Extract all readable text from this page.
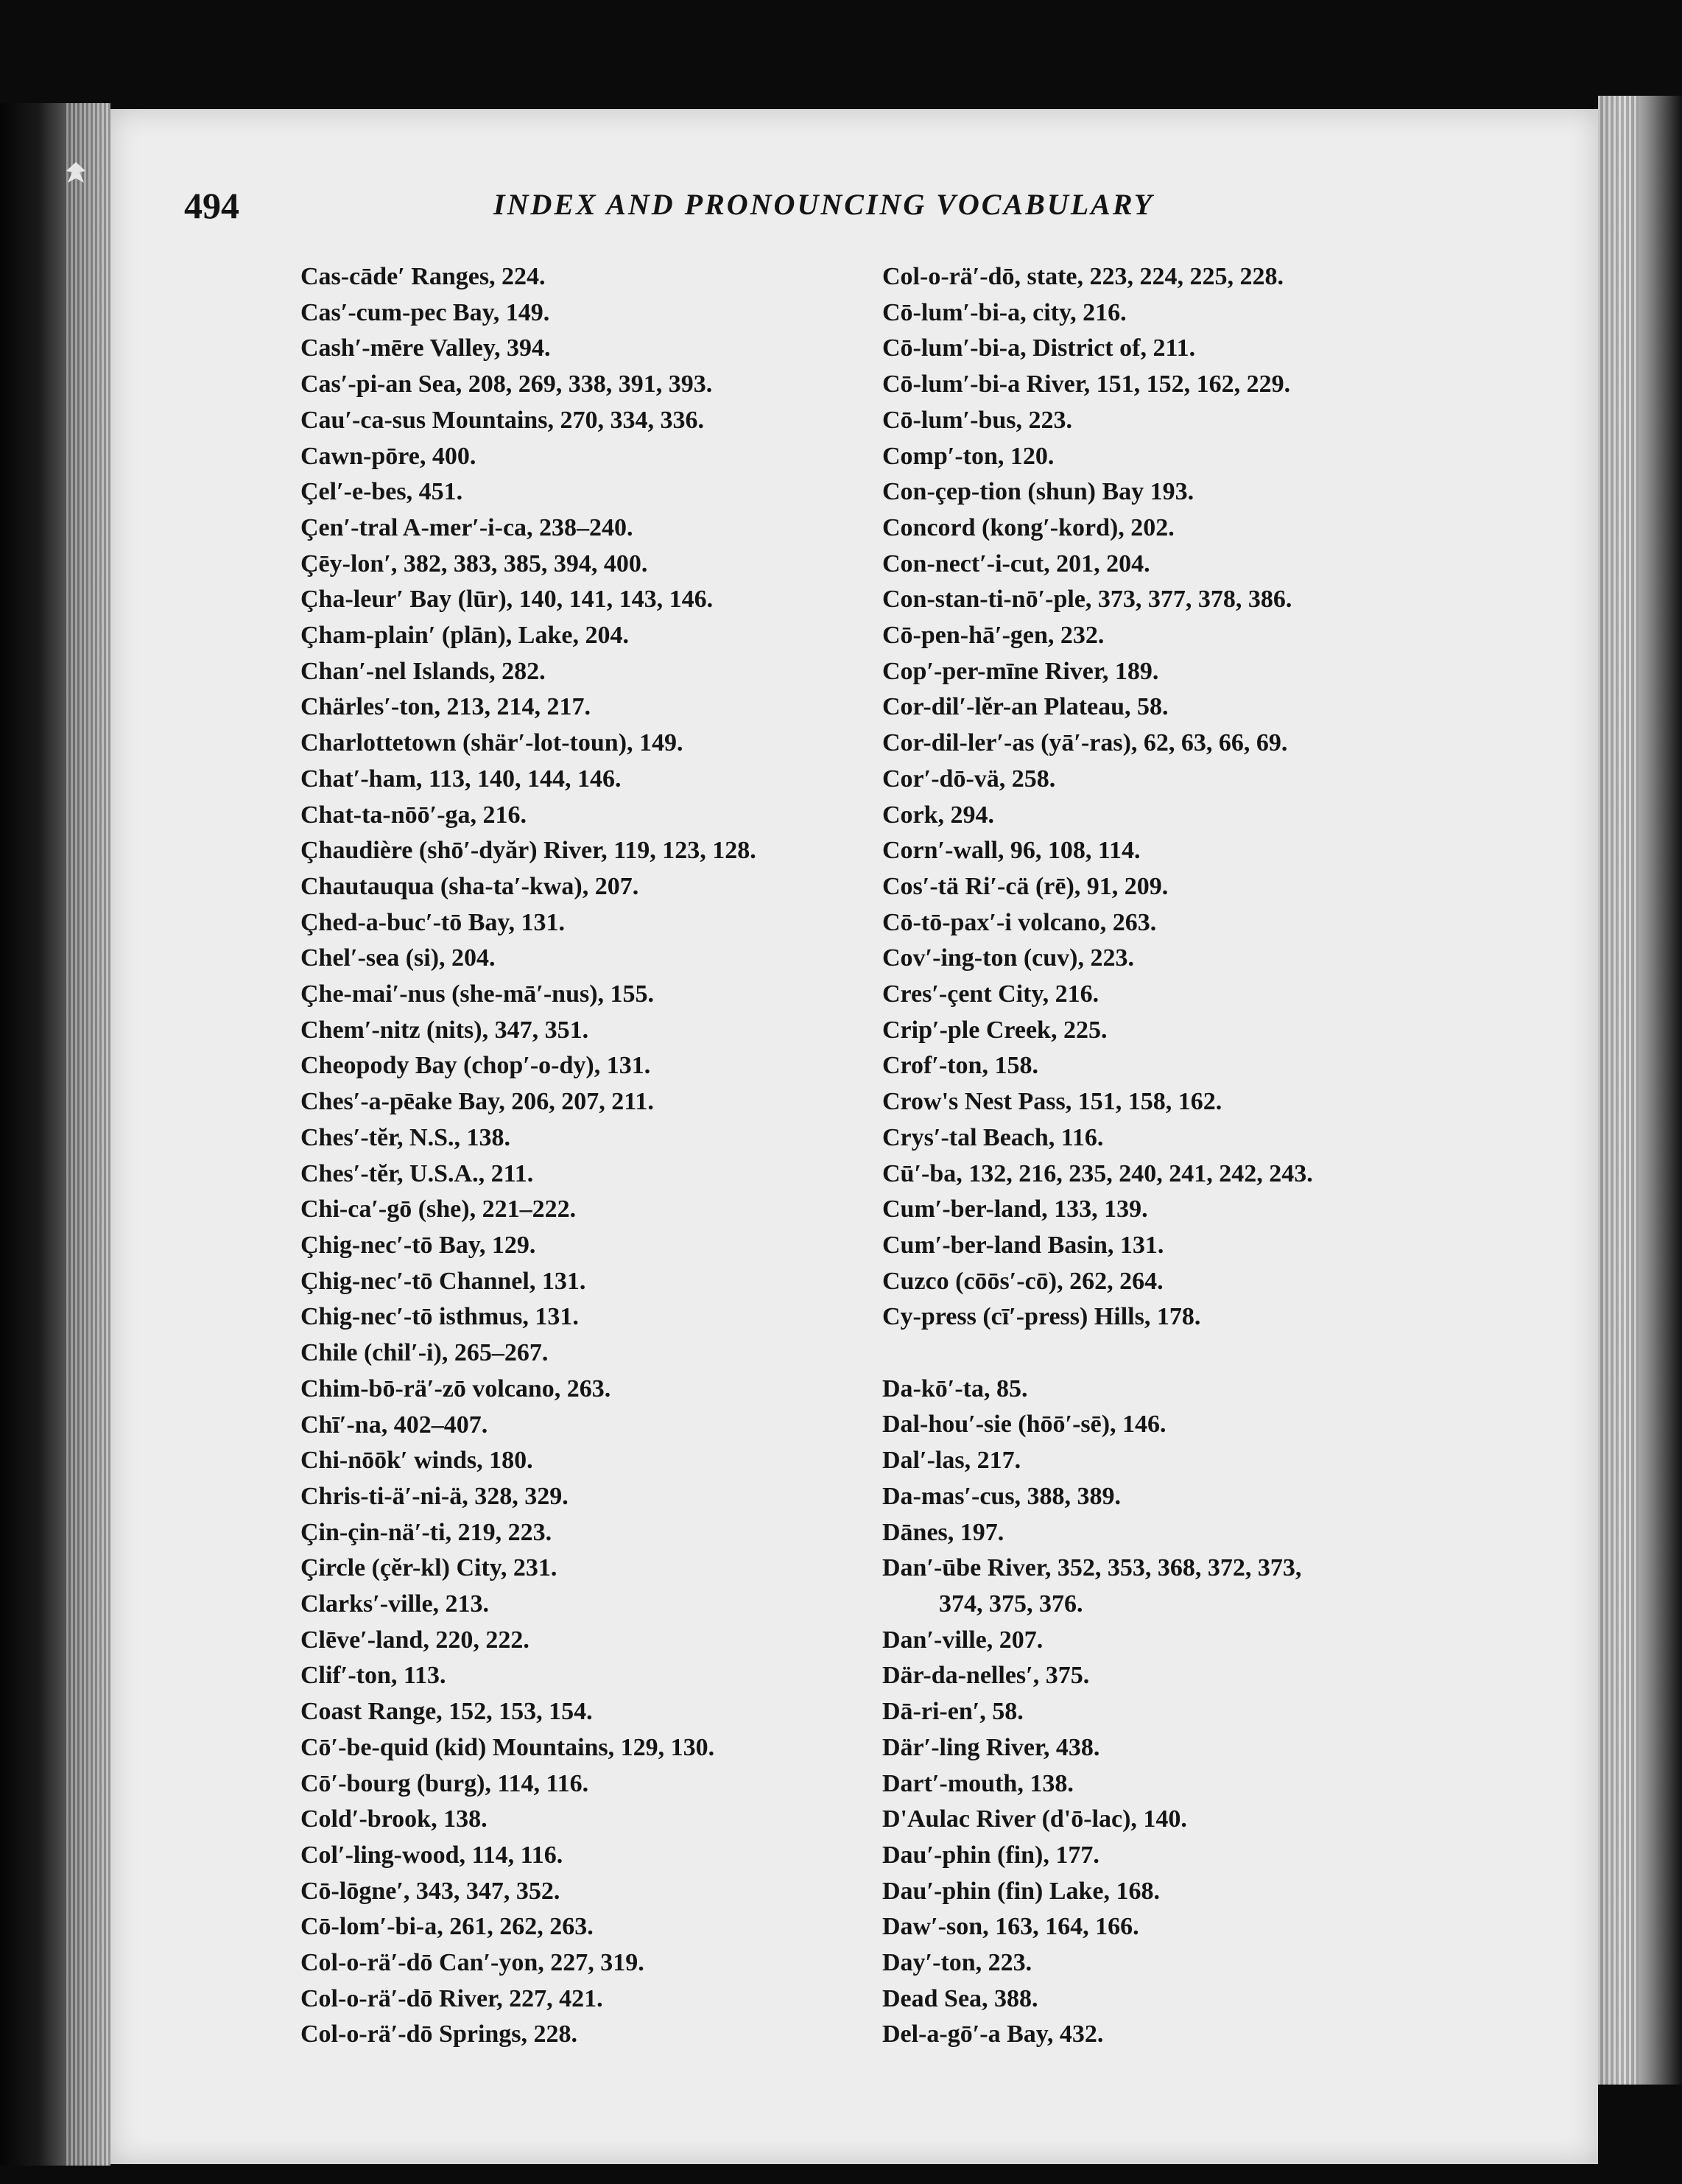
494	INDEX AND PRONOUNCING VOCABULARY
Cas-cāde′ Ranges, 224.
Cas′-cum-pec Bay, 149.
Cash′-mēre Valley, 394.
Cas′-pi-an Sea, 208, 269, 338, 391, 393.
Cau′-ca-sus Mountains, 270, 334, 336.
Cawn-pōre, 400.
Çel′-e-bes, 451.
Çen′-tral A-mer′-i-ca, 238–240.
Çēy-lon′, 382, 383, 385, 394, 400.
Çha-leur′ Bay (lūr), 140, 141, 143, 146.
Çham-plain′ (plān), Lake, 204.
Chan′-nel Islands, 282.
Chärles′-ton, 213, 214, 217.
Charlottetown (shär′-lot-toun), 149.
Chat′-ham, 113, 140, 144, 146.
Chat-ta-nōō′-ga, 216.
Çhaudière (shō′-dyăr) River, 119, 123, 128.
Chautauqua (sha-ta′-kwa), 207.
Çhed-a-buc′-tō Bay, 131.
Chel′-sea (si), 204.
Çhe-mai′-nus (she-mā′-nus), 155.
Chem′-nitz (nits), 347, 351.
Cheopody Bay (chop′-o-dy), 131.
Ches′-a-pēake Bay, 206, 207, 211.
Ches′-tĕr, N.S., 138.
Ches′-tĕr, U.S.A., 211.
Chi-ca′-gō (she), 221–222.
Çhig-nec′-tō Bay, 129.
Çhig-nec′-tō Channel, 131.
Chig-nec′-tō isthmus, 131.
Chile (chil′-i), 265–267.
Chim-bō-rä′-zō volcano, 263.
Chī′-na, 402–407.
Chi-nōōk′ winds, 180.
Chris-ti-ä′-ni-ä, 328, 329.
Çin-çin-nä′-ti, 219, 223.
Çircle (çĕr-kl) City, 231.
Clarks′-ville, 213.
Clēve′-land, 220, 222.
Clif′-ton, 113.
Coast Range, 152, 153, 154.
Cō′-be-quid (kid) Mountains, 129, 130.
Cō′-bourg (burg), 114, 116.
Cold′-brook, 138.
Col′-ling-wood, 114, 116.
Cō-lōgne′, 343, 347, 352.
Cō-lom′-bi-a, 261, 262, 263.
Col-o-rä′-dō Can′-yon, 227, 319.
Col-o-rä′-dō River, 227, 421.
Col-o-rä′-dō Springs, 228.
Col-o-rä′-dō, state, 223, 224, 225, 228.
Cō-lum′-bi-a, city, 216.
Cō-lum′-bi-a, District of, 211.
Cō-lum′-bi-a River, 151, 152, 162, 229.
Cō-lum′-bus, 223.
Comp′-ton, 120.
Con-çep-tion (shun) Bay 193.
Concord (kong′-kord), 202.
Con-nect′-i-cut, 201, 204.
Con-stan-ti-nō′-ple, 373, 377, 378, 386.
Cō-pen-hā′-gen, 232.
Cop′-per-mīne River, 189.
Cor-dil′-lĕr-an Plateau, 58.
Cor-dil-ler′-as (yā′-ras), 62, 63, 66, 69.
Cor′-dō-vä, 258.
Cork, 294.
Corn′-wall, 96, 108, 114.
Cos′-tä Ri′-cä (rē), 91, 209.
Cō-tō-pax′-i volcano, 263.
Cov′-ing-ton (cuv), 223.
Cres′-çent City, 216.
Crip′-ple Creek, 225.
Crof′-ton, 158.
Crow's Nest Pass, 151, 158, 162.
Crys′-tal Beach, 116.
Cū′-ba, 132, 216, 235, 240, 241, 242, 243.
Cum′-ber-land, 133, 139.
Cum′-ber-land Basin, 131.
Cuzco (cōōs′-cō), 262, 264.
Cy-press (cī′-press) Hills, 178.
Da-kō′-ta, 85.
Dal-hou′-sie (hōō′-sē), 146.
Dal′-las, 217.
Da-mas′-cus, 388, 389.
Dānes, 197.
Dan′-ūbe River, 352, 353, 368, 372, 373,
374, 375, 376.
Dan′-ville, 207.
Där-da-nelles′, 375.
Dā-ri-en′, 58.
Där′-ling River, 438.
Dart′-mouth, 138.
D'Aulac River (d'ō-lac), 140.
Dau′-phin (fin), 177.
Dau′-phin (fin) Lake, 168.
Daw′-son, 163, 164, 166.
Day′-ton, 223.
Dead Sea, 388.
Del-a-gō′-a Bay, 432.
